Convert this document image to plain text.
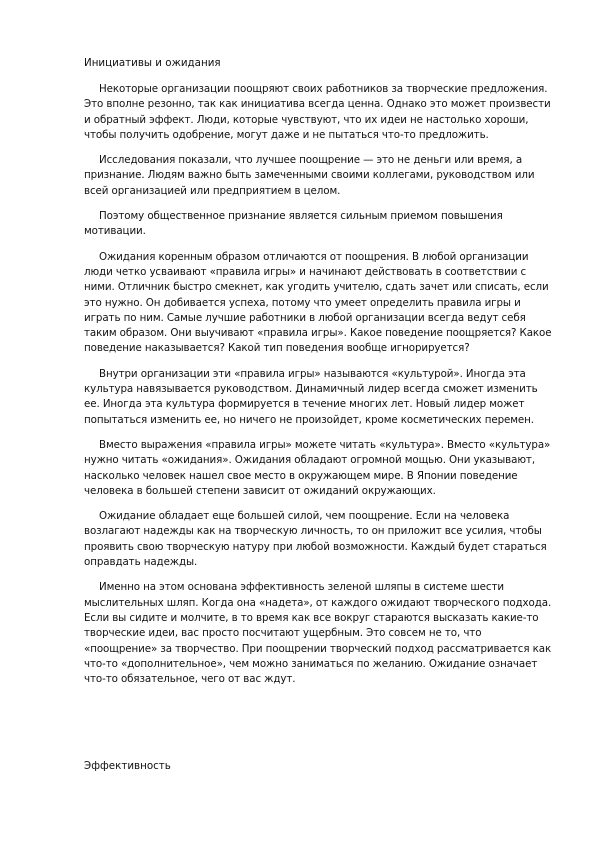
Инициативы и ожидания

Некоторые организации поощряют своих работников за творческие предложения. Это вполне резонно, так как инициатива всегда ценна. Однако это может произвести и обратный эффект. Люди, которые чувствуют, что их идеи не настолько хороши, чтобы получить одобрение, могут даже и не пытаться что-то предложить.

Исследования показали, что лучшее поощрение — это не деньги или время, а признание. Людям важно быть замеченными своими коллегами, руководством или всей организацией или предприятием в целом.

Поэтому общественное признание является сильным приемом повышения мотивации.

Ожидания коренным образом отличаются от поощрения. В любой организации люди четко усваивают «правила игры» и начинают действовать в соответствии с ними. Отличник быстро смекнет, как угодить учителю, сдать зачет или списать, если это нужно. Он добивается успеха, потому что умеет определить правила игры и играть по ним. Самые лучшие работники в любой организации всегда ведут себя таким образом. Они выучивают «правила игры». Какое поведение поощряется? Какое поведение наказывается? Какой тип поведения вообще игнорируется?

Внутри организации эти «правила игры» называются «культурой». Иногда эта культура навязывается руководством. Динамичный лидер всегда сможет изменить ее. Иногда эта культура формируется в течение многих лет. Новый лидер может попытаться изменить ее, но ничего не произойдет, кроме косметических перемен.

Вместо выражения «правила игры» можете читать «культура». Вместо «культура» нужно читать «ожидания». Ожидания обладают огромной мощью. Они указывают, насколько человек нашел свое место в окружающем мире. В Японии поведение человека в большей степени зависит от ожиданий окружающих.

Ожидание обладает еще большей силой, чем поощрение. Если на человека возлагают надежды как на творческую личность, то он приложит все усилия, чтобы проявить свою творческую натуру при любой возможности. Каждый будет стараться оправдать надежды.

Именно на этом основана эффективность зеленой шляпы в системе шести мыслительных шляп. Когда она «надета», от каждого ожидают творческого подхода. Если вы сидите и молчите, в то время как все вокруг стараются высказать какие-то творческие идеи, вас просто посчитают ущербным. Это совсем не то, что «поощрение» за творчество. При поощрении творческий подход рассматривается как что-то «дополнительное», чем можно заниматься по желанию. Ожидание означает что-то обязательное, чего от вас ждут.

Эффективность
